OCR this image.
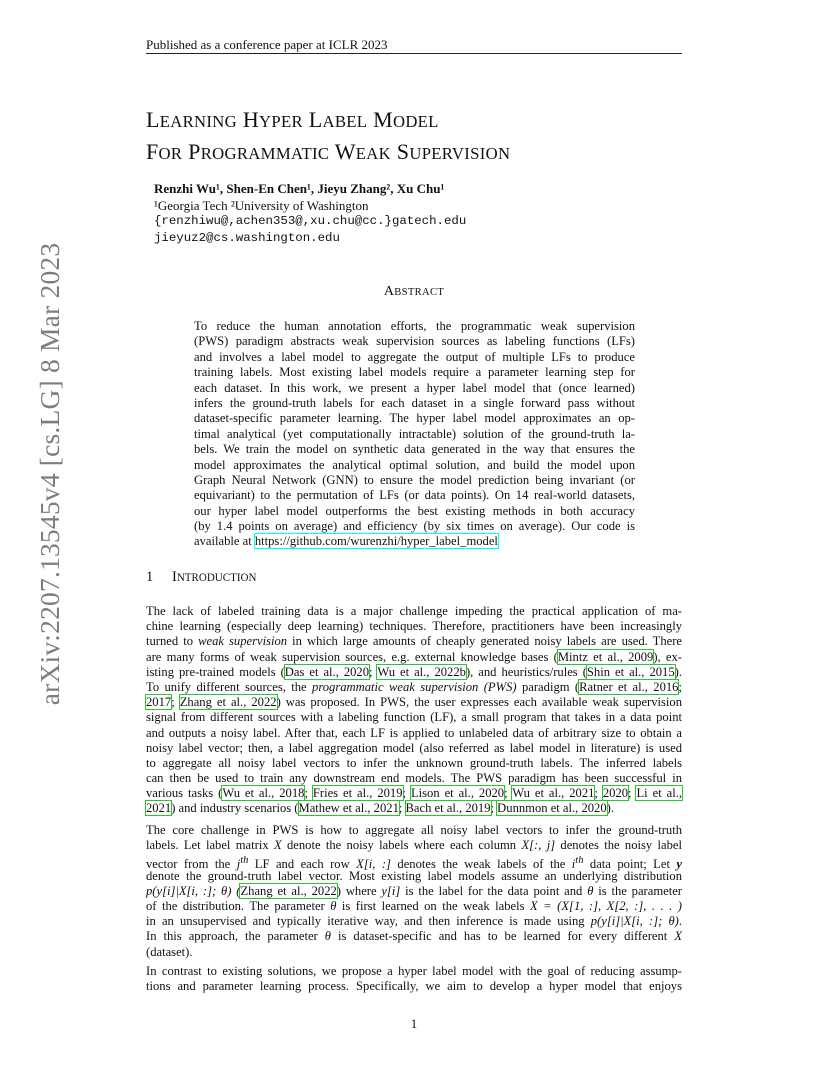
Published as a conference paper at ICLR 2023
arXiv:2207.13545v4 [cs.LG] 8 Mar 2023
LEARNING HYPER LABEL MODEL
FOR PROGRAMMATIC WEAK SUPERVISION
Renzhi Wu¹, Shen-En Chen¹, Jieyu Zhang², Xu Chu¹
¹Georgia Tech ²University of Washington
{renzhiwu@,achen353@,xu.chu@cc.}gatech.edu
jieyuz2@cs.washington.edu
ABSTRACT
To reduce the human annotation efforts, the programmatic weak supervision
(PWS) paradigm abstracts weak supervision sources as labeling functions (LFs)
and involves a label model to aggregate the output of multiple LFs to produce
training labels. Most existing label models require a parameter learning step for
each dataset. In this work, we present a hyper label model that (once learned)
infers the ground-truth labels for each dataset in a single forward pass without
dataset-specific parameter learning. The hyper label model approximates an op-
timal analytical (yet computationally intractable) solution of the ground-truth la-
bels. We train the model on synthetic data generated in the way that ensures the
model approximates the analytical optimal solution, and build the model upon
Graph Neural Network (GNN) to ensure the model prediction being invariant (or
equivariant) to the permutation of LFs (or data points). On 14 real-world datasets,
our hyper label model outperforms the best existing methods in both accuracy
(by 1.4 points on average) and efficiency (by six times on average). Our code is
available at https://github.com/wurenzhi/hyper_label_model
1 INTRODUCTION
The lack of labeled training data is a major challenge impeding the practical application of ma-
chine learning (especially deep learning) techniques. Therefore, practitioners have been increasingly
turned to weak supervision in which large amounts of cheaply generated noisy labels are used. There
are many forms of weak supervision sources, e.g. external knowledge bases (Mintz et al., 2009), ex-
isting pre-trained models (Das et al., 2020; Wu et al., 2022b), and heuristics/rules (Shin et al., 2015).
To unify different sources, the programmatic weak supervision (PWS) paradigm (Ratner et al., 2016;
2017; Zhang et al., 2022) was proposed. In PWS, the user expresses each available weak supervision
signal from different sources with a labeling function (LF), a small program that takes in a data point
and outputs a noisy label. After that, each LF is applied to unlabeled data of arbitrary size to obtain a
noisy label vector; then, a label aggregation model (also referred as label model in literature) is used
to aggregate all noisy label vectors to infer the unknown ground-truth labels. The inferred labels
can then be used to train any downstream end models. The PWS paradigm has been successful in
various tasks (Wu et al., 2018; Fries et al., 2019; Lison et al., 2020; Wu et al., 2021; 2020; Li et al.,
2021) and industry scenarios (Mathew et al., 2021; Bach et al., 2019; Dunnmon et al., 2020).
The core challenge in PWS is how to aggregate all noisy label vectors to infer the ground-truth
labels. Let label matrix X denote the noisy labels where each column X[:, j] denotes the noisy label
vector from the $j^{th}$ LF and each row X[i, :] denotes the weak labels of the $i^{th}$ data point; Let y
denote the ground-truth label vector. Most existing label models assume an underlying distribution
p(y[i]|X[i, :]; θ) (Zhang et al., 2022) where y[i] is the label for the data point and θ is the parameter
of the distribution. The parameter θ is first learned on the weak labels X = (X[1, :], X[2, :], . . . )
in an unsupervised and typically iterative way, and then inference is made using p(y[i]|X[i, :]; θ).
In this approach, the parameter θ is dataset-specific and has to be learned for every different X
(dataset).
In contrast to existing solutions, we propose a hyper label model with the goal of reducing assump-
tions and parameter learning process. Specifically, we aim to develop a hyper model that enjoys
1
